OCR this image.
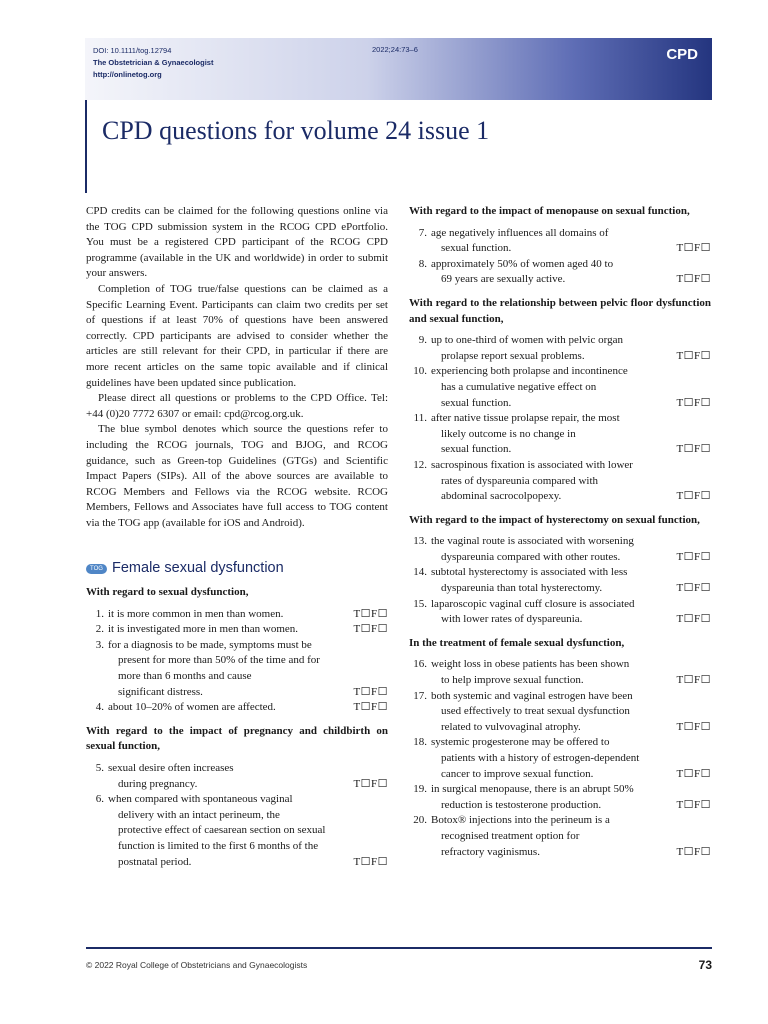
DOI: 10.1111/tog.12794
The Obstetrician & Gynaecologist
http://onlinetog.org
2022;24:73–6	CPD
CPD questions for volume 24 issue 1

CPD credits can be claimed for the following questions online via the TOG CPD submission system in the RCOG CPD ePortfolio. You must be a registered CPD participant of the RCOG CPD programme (available in the UK and worldwide) in order to submit your answers.

Completion of TOG true/false questions can be claimed as a Specific Learning Event. Participants can claim two credits per set of questions if at least 70% of questions have been answered correctly. CPD participants are advised to consider whether the articles are still relevant for their CPD, in particular if there are more recent articles on the same topic available and if clinical guidelines have been updated since publication.

Please direct all questions or problems to the CPD Office. Tel: +44 (0)20 7772 6307 or email: cpd@rcog.org.uk.

The blue symbol denotes which source the questions refer to including the RCOG journals, TOG and BJOG, and RCOG guidance, such as Green-top Guidelines (GTGs) and Scientific Impact Papers (SIPs). All of the above sources are available to RCOG Members and Fellows via the RCOG website. RCOG Members, Fellows and Associates have full access to TOG content via the TOG app (available for iOS and Android).

TOG Female sexual dysfunction
With regard to sexual dysfunction,
1. it is more common in men than women.	T☐F☐
2. it is investigated more in men than women.	T☐F☐
3. for a diagnosis to be made, symptoms must be
present for more than 50% of the time and for
more than 6 months and cause
significant distress.	T☐F☐
4. about 10–20% of women are affected.	T☐F☐
With regard to the impact of pregnancy and childbirth on sexual function,
5. sexual desire often increases
during pregnancy.	T☐F☐
6. when compared with spontaneous vaginal
delivery with an intact perineum, the
protective effect of caesarean section on sexual
function is limited to the first 6 months of the
postnatal period.	T☐F☐
With regard to the impact of menopause on sexual function,
7. age negatively influences all domains of
sexual function.	T☐F☐
8. approximately 50% of women aged 40 to
69 years are sexually active.	T☐F☐
With regard to the relationship between pelvic floor dysfunction and sexual function,
9. up to one-third of women with pelvic organ
prolapse report sexual problems.	T☐F☐
10. experiencing both prolapse and incontinence
has a cumulative negative effect on
sexual function.	T☐F☐
11. after native tissue prolapse repair, the most
likely outcome is no change in
sexual function.	T☐F☐
12. sacrospinous fixation is associated with lower
rates of dyspareunia compared with
abdominal sacrocolpopexy.	T☐F☐
With regard to the impact of hysterectomy on sexual function,
13. the vaginal route is associated with worsening
dyspareunia compared with other routes.	T☐F☐
14. subtotal hysterectomy is associated with less
dyspareunia than total hysterectomy.	T☐F☐
15. laparoscopic vaginal cuff closure is associated
with lower rates of dyspareunia.	T☐F☐
In the treatment of female sexual dysfunction,
16. weight loss in obese patients has been shown
to help improve sexual function.	T☐F☐
17. both systemic and vaginal estrogen have been
used effectively to treat sexual dysfunction
related to vulvovaginal atrophy.	T☐F☐
18. systemic progesterone may be offered to
patients with a history of estrogen-dependent
cancer to improve sexual function.	T☐F☐
19. in surgical menopause, there is an abrupt 50%
reduction is testosterone production.	T☐F☐
20. Botox® injections into the perineum is a
recognised treatment option for
refractory vaginismus.	T☐F☐
© 2022 Royal College of Obstetricians and Gynaecologists	73
